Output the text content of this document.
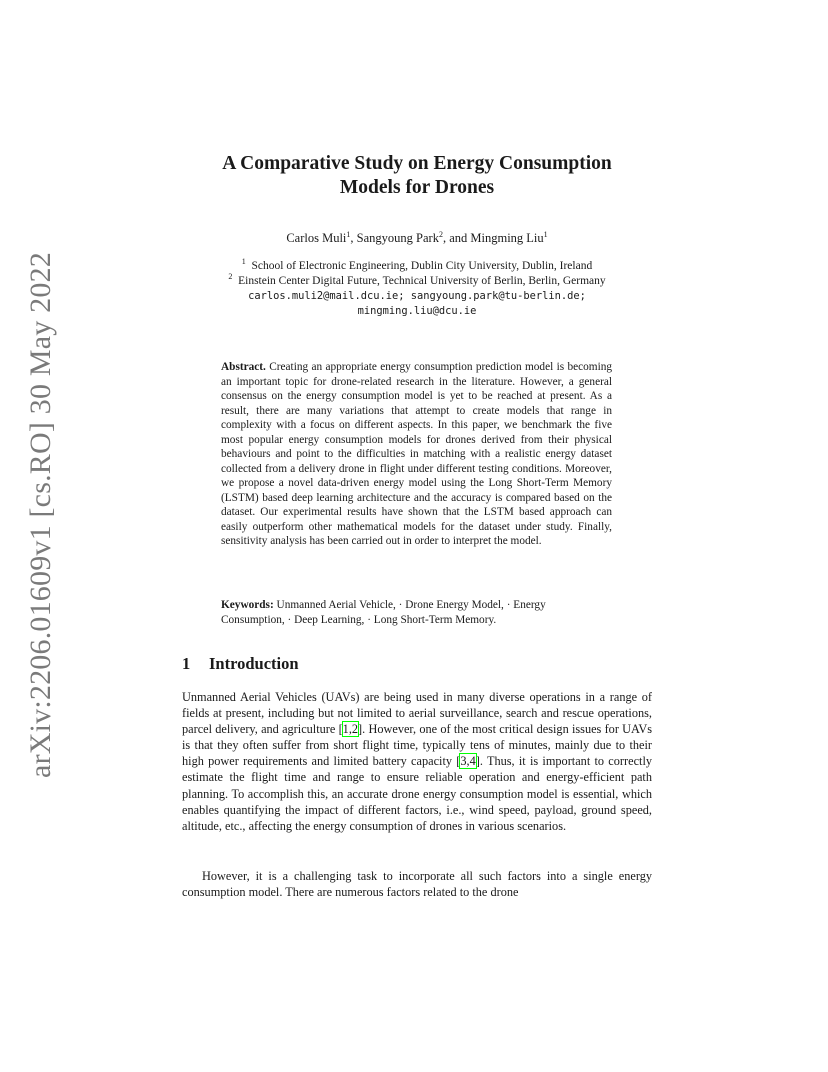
arXiv:2206.01609v1 [cs.RO] 30 May 2022
A Comparative Study on Energy Consumption
Models for Drones
Carlos Muli$^1$, Sangyoung Park$^2$, and Mingming Liu$^1$
$^1$ School of Electronic Engineering, Dublin City University, Dublin, Ireland
$^2$ Einstein Center Digital Future, Technical University of Berlin, Berlin, Germany
carlos.muli2@mail.dcu.ie; sangyoung.park@tu-berlin.de;
mingming.liu@dcu.ie
Abstract. Creating an appropriate energy consumption prediction model is becoming an important topic for drone-related research in the literature. However, a general consensus on the energy consumption model is yet to be reached at present. As a result, there are many variations that attempt to create models that range in complexity with a focus on different aspects. In this paper, we benchmark the five most popular energy consumption models for drones derived from their physical behaviours and point to the difficulties in matching with a realistic energy dataset collected from a delivery drone in flight under different testing conditions. Moreover, we propose a novel data-driven energy model using the Long Short-Term Memory (LSTM) based deep learning architecture and the accuracy is compared based on the dataset. Our experimental results have shown that the LSTM based approach can easily outperform other mathematical models for the dataset under study. Finally, sensitivity analysis has been carried out in order to interpret the model.
Keywords: Unmanned Aerial Vehicle, · Drone Energy Model, · Energy Consumption, · Deep Learning, · Long Short-Term Memory.
1 Introduction

Unmanned Aerial Vehicles (UAVs) are being used in many diverse operations in a range of fields at present, including but not limited to aerial surveillance, search and rescue operations, parcel delivery, and agriculture [1,2]. However, one of the most critical design issues for UAVs is that they often suffer from short flight time, typically tens of minutes, mainly due to their high power requirements and limited battery capacity [3,4]. Thus, it is important to correctly estimate the flight time and range to ensure reliable operation and energy-efficient path planning. To accomplish this, an accurate drone energy consumption model is essential, which enables quantifying the impact of different factors, i.e., wind speed, payload, ground speed, altitude, etc., affecting the energy consumption of drones in various scenarios.

However, it is a challenging task to incorporate all such factors into a single energy consumption model. There are numerous factors related to the drone
